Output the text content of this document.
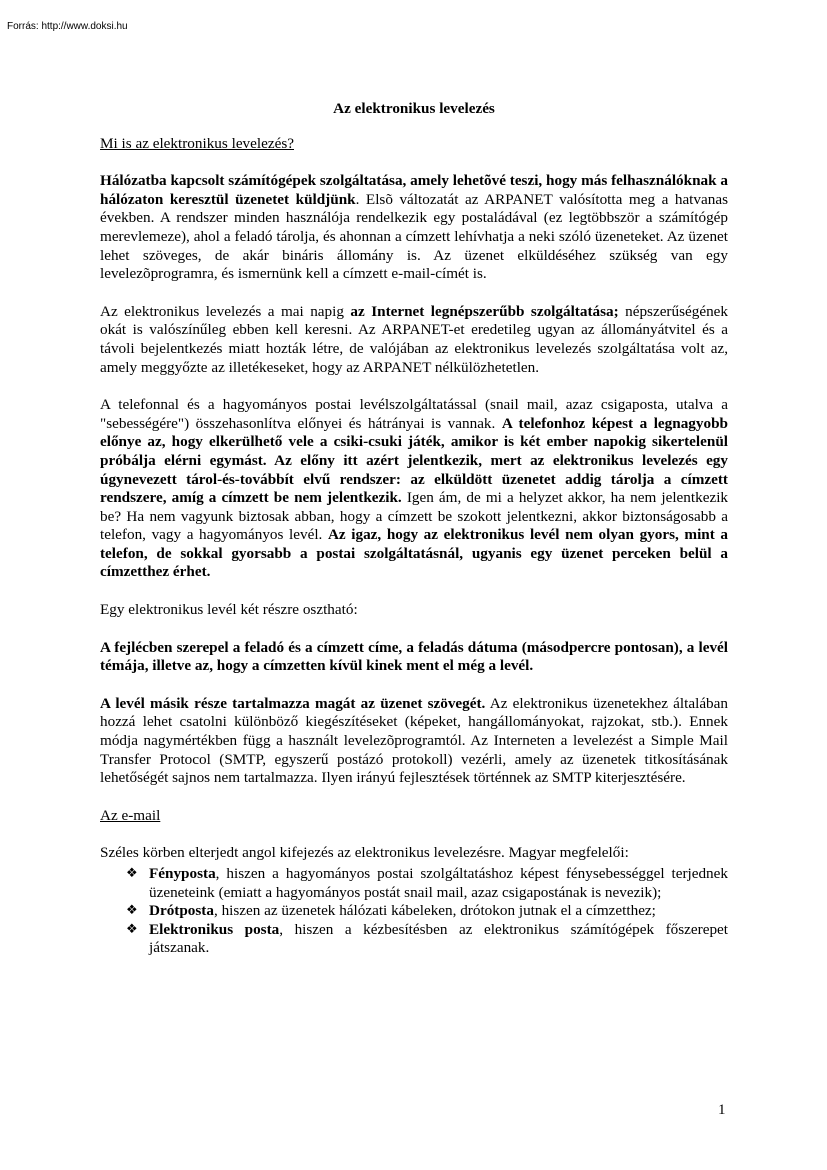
Forrás: http://www.doksi.hu
Az elektronikus levelezés
Mi is az elektronikus levelezés?

Hálózatba kapcsolt számítógépek szolgáltatása, amely lehetõvé teszi, hogy más felhasználóknak a hálózaton keresztül üzenetet küldjünk. Elsõ változatát az ARPANET valósította meg a hatvanas években. A rendszer minden használója rendelkezik egy postaládával (ez legtöbbször a számítógép merevlemeze), ahol a feladó tárolja, és ahonnan a címzett lehívhatja a neki szóló üzeneteket. Az üzenet lehet szöveges, de akár bináris állomány is. Az üzenet elküldéséhez szükség van egy levelezõprogramra, és ismernünk kell a címzett e-mail-címét is.

Az elektronikus levelezés a mai napig az Internet legnépszerűbb szolgáltatása; népszerűségének okát is valószínűleg ebben kell keresni. Az ARPANET-et eredetileg ugyan az állományátvitel és a távoli bejelentkezés miatt hozták létre, de valójában az elektronikus levelezés szolgáltatása volt az, amely meggyőzte az illetékeseket, hogy az ARPANET nélkülözhetetlen.

A telefonnal és a hagyományos postai levélszolgáltatással (snail mail, azaz csigaposta, utalva a "sebességére") összehasonlítva előnyei és hátrányai is vannak. A telefonhoz képest a legnagyobb előnye az, hogy elkerülhető vele a csiki-csuki játék, amikor is két ember napokig sikertelenül próbálja elérni egymást. Az előny itt azért jelentkezik, mert az elektronikus levelezés egy úgynevezett tárol-és-továbbít elvű rendszer: az elküldött üzenetet addig tárolja a címzett rendszere, amíg a címzett be nem jelentkezik. Igen ám, de mi a helyzet akkor, ha nem jelentkezik be? Ha nem vagyunk biztosak abban, hogy a címzett be szokott jelentkezni, akkor biztonságosabb a telefon, vagy a hagyományos levél. Az igaz, hogy az elektronikus levél nem olyan gyors, mint a telefon, de sokkal gyorsabb a postai szolgáltatásnál, ugyanis egy üzenet perceken belül a címzetthez érhet.

Egy elektronikus levél két részre osztható:

A fejlécben szerepel a feladó és a címzett címe, a feladás dátuma (másodpercre pontosan), a levél témája, illetve az, hogy a címzetten kívül kinek ment el még a levél.

A levél másik része tartalmazza magát az üzenet szövegét. Az elektronikus üzenetekhez általában hozzá lehet csatolni különböző kiegészítéseket (képeket, hangállományokat, rajzokat, stb.). Ennek módja nagymértékben függ a használt levelezõprogramtól. Az Interneten a levelezést a Simple Mail Transfer Protocol (SMTP, egyszerű postázó protokoll) vezérli, amely az üzenetek titkosításának lehetőségét sajnos nem tartalmazza. Ilyen irányú fejlesztések történnek az SMTP kiterjesztésére.

Az e-mail

Széles körben elterjedt angol kifejezés az elektronikus levelezésre. Magyar megfelelői:

❖ Fényposta, hiszen a hagyományos postai szolgáltatáshoz képest fénysebességgel terjednek üzeneteink (emiatt a hagyományos postát snail mail, azaz csigapostának is nevezik);
❖ Drótposta, hiszen az üzenetek hálózati kábeleken, drótokon jutnak el a címzetthez;
❖ Elektronikus posta, hiszen a kézbesítésben az elektronikus számítógépek főszerepet játszanak.
1
